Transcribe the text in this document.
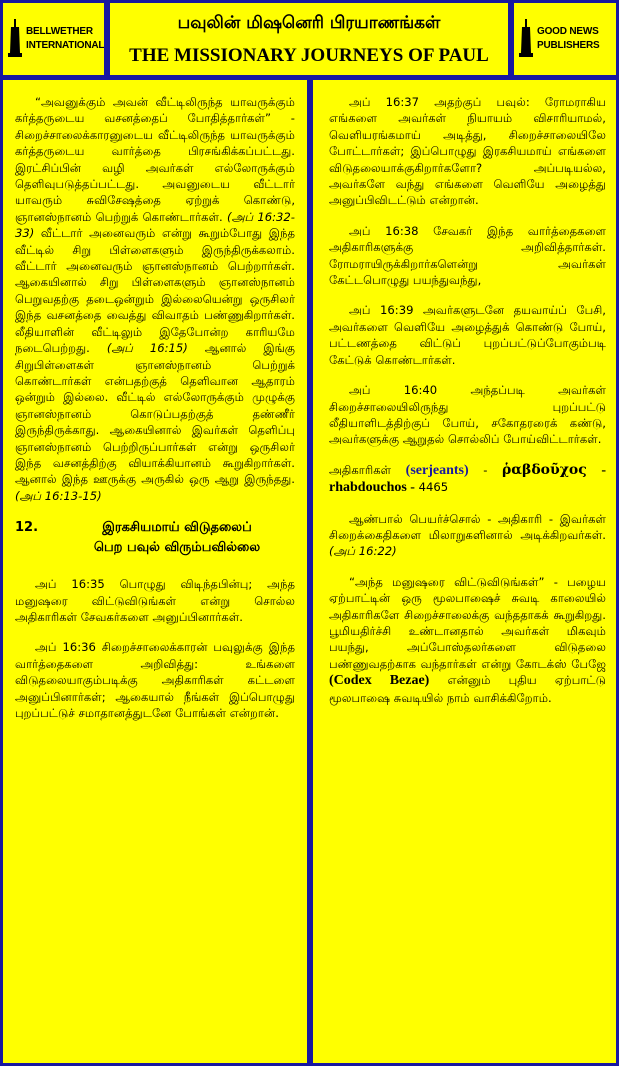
BELLWETHER
INTERNATIONAL
பவுலின் மிஷனெரி பிரயாணங்கள்
THE MISSIONARY JOURNEYS OF PAUL
GOOD NEWS
PUBLISHERS

“அவனுக்கும் அவன் வீட்டிலிருந்த யாவருக்கும் கர்த்தருடைய வசனத்தைப் போதித்தார்கள்” - சிறைச்சாலைக்காரனுடைய வீட்டிலிருந்த யாவருக்கும் கர்த்தருடைய வார்த்தை பிரசங்கிக்கப்பட்டது. இரட்சிப்பின் வழி அவர்கள் எல்லோருக்கும் தெளிவுபடுத்தப்பட்டது. அவனுடைய வீட்டார் யாவரும் சுவிசேஷத்தை ஏற்றுக் கொண்டு, ஞானஸ்நானம் பெற்றுக் கொண்டார்கள். (அப் 16:32-33) வீட்டார் அனைவரும் என்று கூறும்போது இந்த வீட்டில் சிறு பிள்ளைகளும் இருந்திருக்கலாம். வீட்டார் அனைவரும் ஞானஸ்நானம் பெற்றார்கள். ஆகையினால் சிறு பிள்ளைகளும் ஞானஸ்நானம் பெறுவதற்கு தடைஒன்றும் இல்லையென்று ஒருசிலர் இந்த வசனத்தை வைத்து விவாதம் பண்ணுகிறார்கள். லீதியாளின் வீட்டிலும் இதேபோன்ற காரியமே நடைபெற்றது. (அப் 16:15) ஆனால் இங்கு சிறுபிள்ளைகள் ஞானஸ்நானம் பெற்றுக் கொண்டார்கள் என்பதற்குத் தெளிவான ஆதாரம் ஒன்றும் இல்லை. வீட்டில் எல்லோருக்கும் முழுக்கு ஞானஸ்நானம் கொடுப்பதற்குத் தண்ணீர் இருந்திருக்காது. ஆகையினால் இவர்கள் தெளிப்பு ஞானஸ்நானம் பெற்றிருப்பார்கள் என்று ஒருசிலர் இந்த வசனத்திற்கு வியாக்கியானம் கூறுகிறார்கள். ஆனால் இந்த ஊருக்கு அருகில் ஒரு ஆறு இருந்தது. (அப் 16:13-15)

12.	இரகசியமாய் விடுதலைப்
பெற பவுல் விரும்பவில்லை

அப் 16:35 பொழுது விடிந்தபின்பு; அந்த மனுஷரை விட்டுவிடுங்கள் என்று சொல்ல அதிகாரிகள் சேவகர்களை அனுப்பினார்கள்.

அப் 16:36 சிறைச்சாலைக்காரன் பவுலுக்கு இந்த வார்த்தைகளை அறிவித்து: உங்களை விடுதலையாகும்படிக்கு அதிகாரிகள் கட்டளை அனுப்பினார்கள்; ஆகையால் நீங்கள் இப்பொழுது புறப்பட்டுச் சமாதானத்துடனே போங்கள் என்றான்.

அப் 16:37 அதற்குப் பவுல்: ரோமராகிய எங்களை அவர்கள் நியாயம் விசாரியாமல், வெளியரங்கமாய் அடித்து, சிறைச்சாலையிலே போட்டார்கள்; இப்பொழுது இரகசியமாய் எங்களை விடுதலையாக்குகிறார்களோ? அப்படியல்ல, அவர்களே வந்து எங்களை வெளியே அழைத்து அனுப்பிவிடட்டும் என்றான்.

அப் 16:38 சேவகர் இந்த வார்த்தைகளை அதிகாரிகளுக்கு அறிவித்தார்கள். ரோமராயிருக்கிறார்களென்று அவர்கள் கேட்டபொழுது பயந்துவந்து,

அப் 16:39 அவர்களுடனே தயவாய்ப் பேசி, அவர்களை வெளியே அழைத்துக் கொண்டு போய், பட்டணத்தை விட்டுப் புறப்பட்டுப்போகும்படி கேட்டுக் கொண்டார்கள்.

அப் 16:40	அந்தப்படி அவர்கள் சிறைச்சாலையிலிருந்து புறப்பட்டு லீதியாளிடத்திற்குப் போய், சகோதரரைக் கண்டு, அவர்களுக்கு ஆறுதல் சொல்லிப் போய்விட்டார்கள்.

அதிகாரிகள் (serjeants) - ῥαβδοῦχος - rhabdouchos - 4465

ஆண்பால் பெயர்ச்சொல் - அதிகாரி - இவர்கள் சிறைக்கைதிகளை மிலாறுகளினால் அடிக்கிறவர்கள். (அப் 16:22)

“அந்த மனுஷரை விட்டுவிடுங்கள்” - பழைய ஏற்பாட்டின் ஒரு மூலபாஷைச் சுவடி காலையில் அதிகாரிகளே சிறைச்சாலைக்கு வந்ததாகக் கூறுகிறது. பூமியதிர்ச்சி உண்டானதால் அவர்கள் மிகவும் பயந்து, அப்போஸ்தலர்களை விடுதலை பண்ணுவதற்காக வந்தார்கள் என்று கோடக்ஸ் பேஜே (Codex Bezae) என்னும் புதிய ஏற்பாட்டு மூலபாஷை சுவடியில் நாம் வாசிக்கிறோம்.
